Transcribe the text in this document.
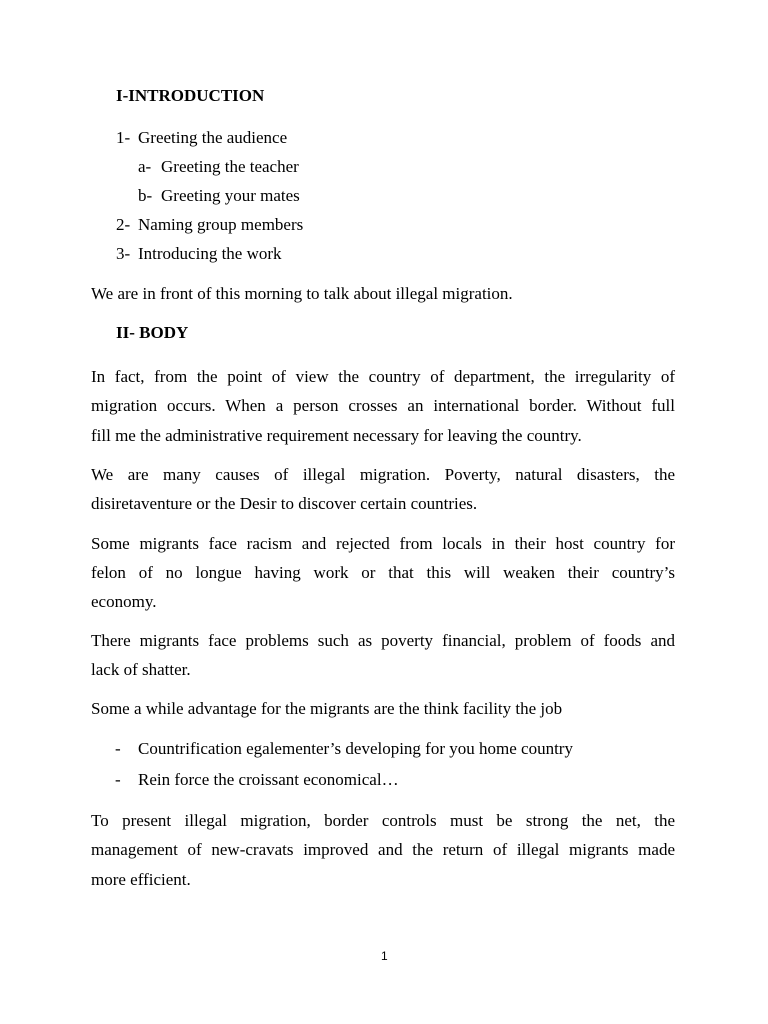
I-INTRODUCTION
1- Greeting the audience
a- Greeting the teacher
b- Greeting your mates
2- Naming group members
3- Introducing the work
We are in front of this morning to talk about illegal migration.
II- BODY
In fact, from the point of view the country of department, the irregularity of
migration occurs. When a person crosses an international border. Without full
fill me the administrative requirement necessary for leaving the country.
We are many causes of illegal migration. Poverty, natural disasters, the
disiretaventure or the Desir to discover certain countries.
Some migrants face racism and rejected from locals in their host country for
felon of no longue having work or that this will weaken their country’s
economy.
There migrants face problems such as poverty financial, problem of foods and
lack of shatter.
Some a while advantage for the migrants are the think facility the job
- Countrification egalementer’s developing for you home country
- Rein force the croissant economical…
To present illegal migration, border controls must be strong the net, the
management of new-cravats improved and the return of illegal migrants made
more efficient.
1
